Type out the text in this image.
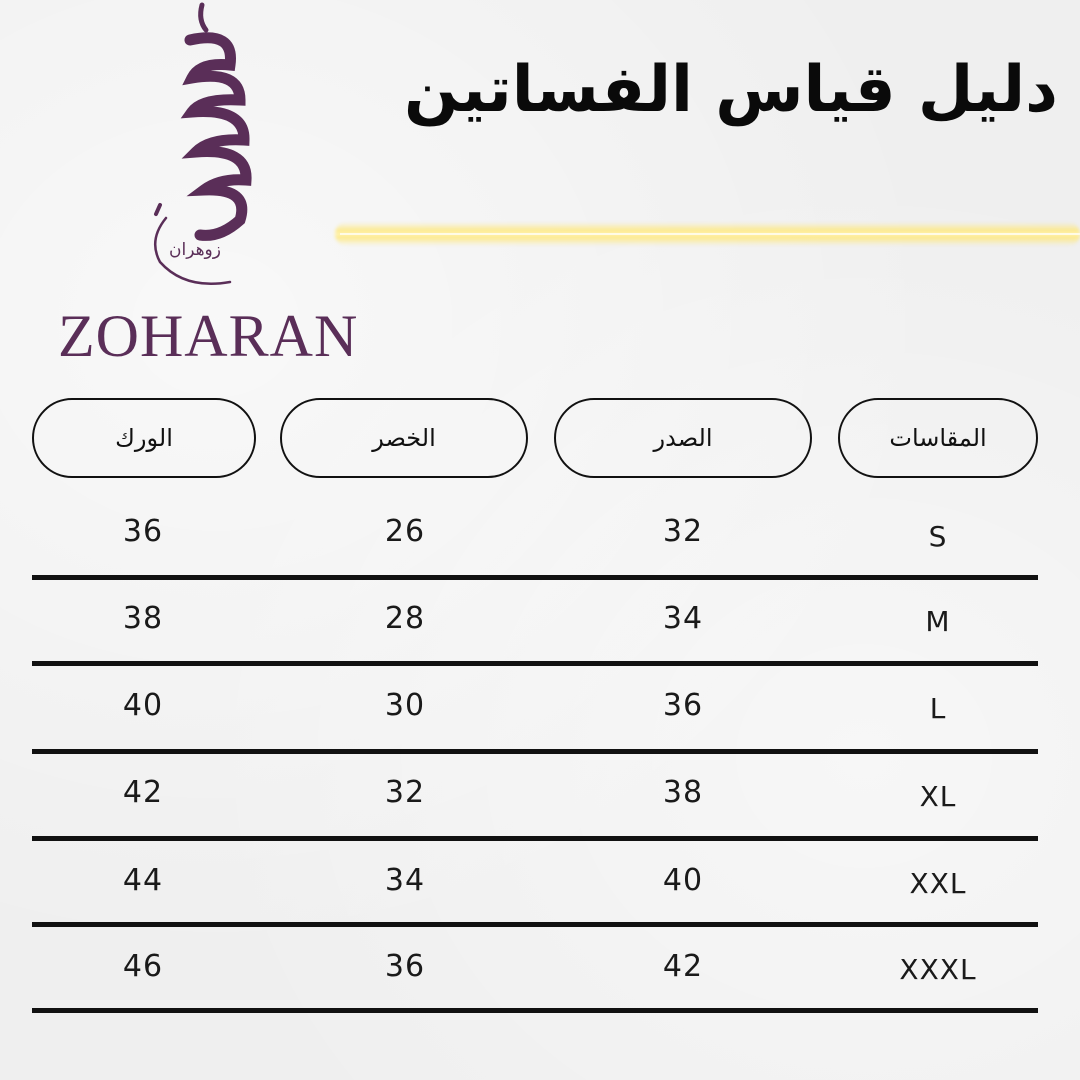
زوهران
ZOHARAN
دليل قياس الفساتين
الورك	الخصر	الصدر	المقاسات
36	26	32	S
38	28	34	M
40	30	36	L
42	32	38	XL
44	34	40	XXL
46	36	42	XXXL
